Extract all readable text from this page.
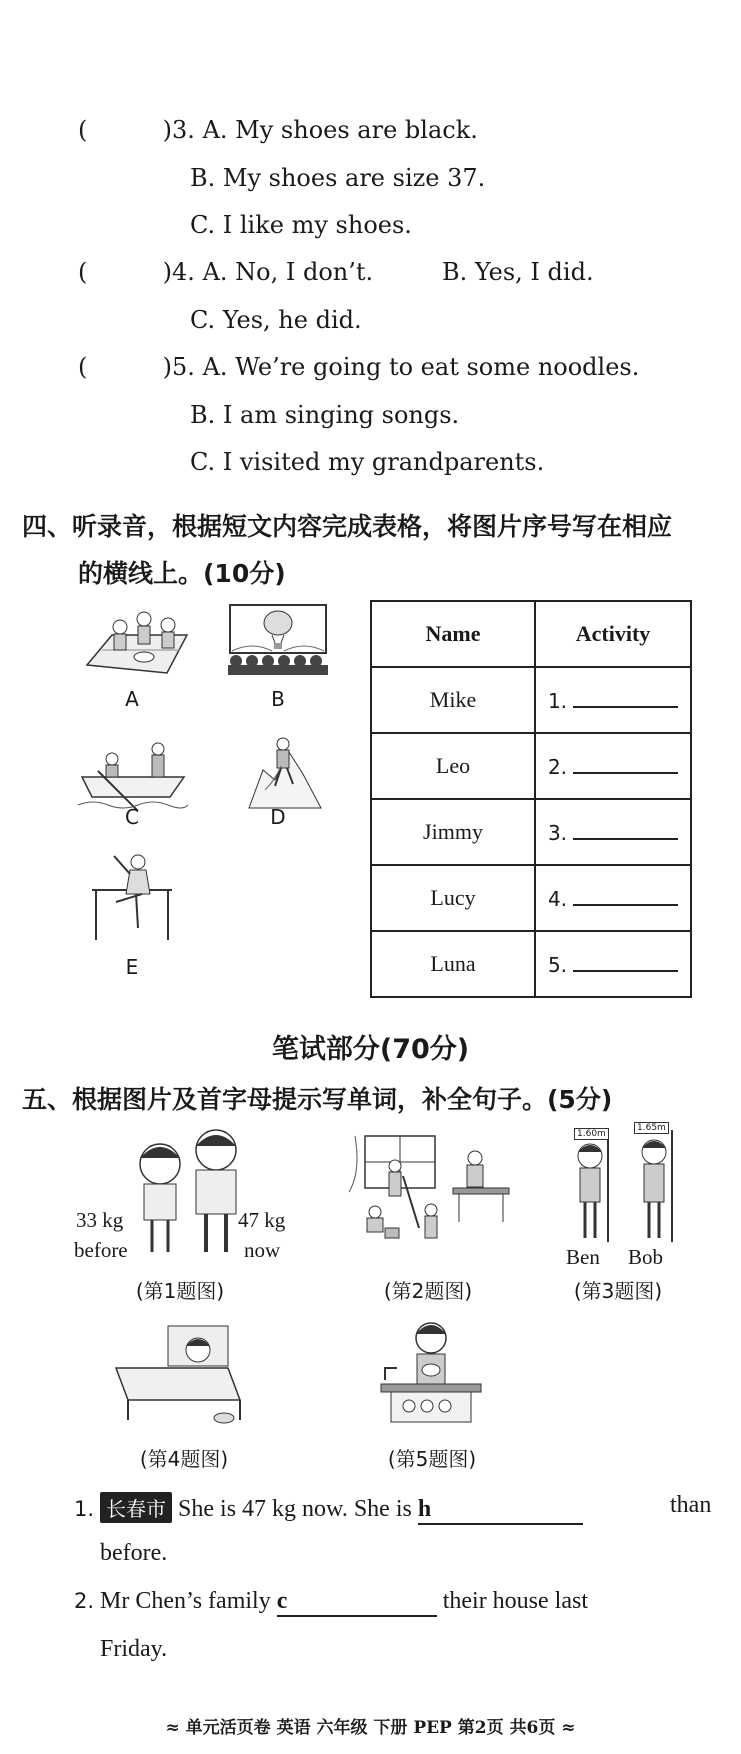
(	)3. A. My shoes are black.
B. My shoes are size 37.
C. I like my shoes.
(	)4. A. No, I don’t.	B. Yes, I did.
C. Yes, he did.
(	)5. A. We’re going to eat some noodles.
B. I am singing songs.
C. I visited my grandparents.
四、听录音，根据短文内容完成表格，将图片序号写在相应
的横线上。(10分)
A	B
C	D
E
Name	Activity
Mike	1.
Leo	2.
Jimmy	3.
Lucy	4.
Luna	5.
笔试部分(70分)
五、根据图片及首字母提示写单词，补全句子。(5分)
33 kg
before
47 kg
now
(第1题图)	(第2题图)
1.60m
1.65m
Ben Bob
(第3题图)
(第4题图)	(第5题图)
1. 长春市 She is 47 kg now. She is h	than
before.
2. Mr Chen’s family c	their house last
Friday.
≈ 单元活页卷 英语 六年级 下册 PEP 第2页 共6页 ≈
